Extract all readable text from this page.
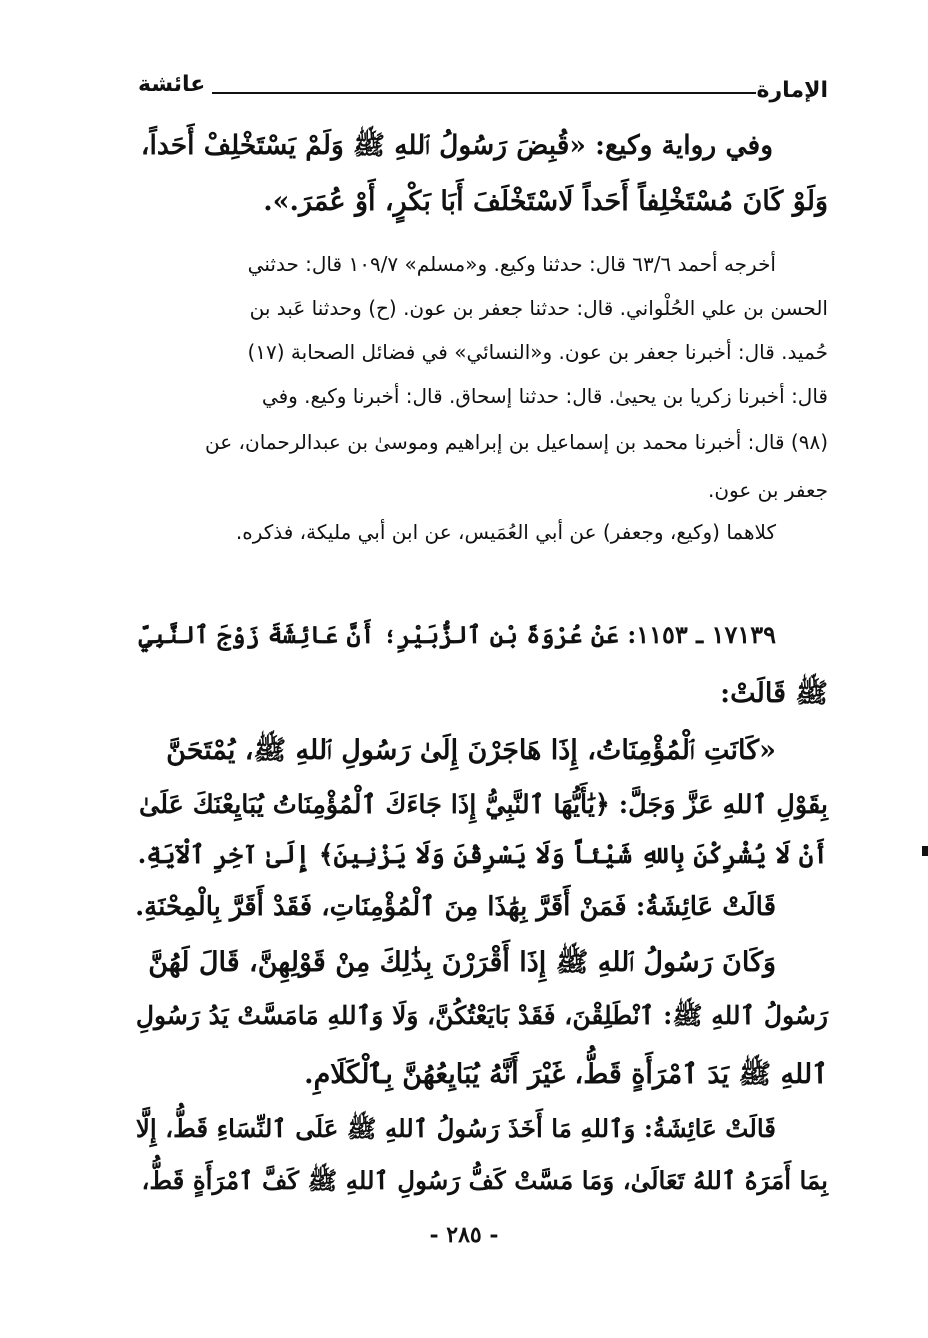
الإمارة
عائشة
وفي رواية وكيع: «قُبِضَ رَسُولُ ٱللهِ ﷺ وَلَمْ يَسْتَخْلِفْ أَحَداً،
وَلَوْ كَانَ مُسْتَخْلِفاً أَحَداً لَاسْتَخْلَفَ أَبَا بَكْرٍ، أَوْ عُمَرَ.».
أخرجه أحمد ٦٣/٦ قال: حدثنا وكيع. و«مسلم» ١٠٩/٧ قال: حدثني
الحسن بن علي الحُلْواني. قال: حدثنا جعفر بن عون. (ح) وحدثنا عَبد بن
حُميد. قال: أخبرنا جعفر بن عون. و«النسائي» في فضائل الصحابة (١٧)
قال: أخبرنا زكريا بن يحيىٰ. قال: حدثنا إسحاق. قال: أخبرنا وكيع. وفي
(٩٨) قال: أخبرنا محمد بن إسماعيل بن إبراهيم وموسىٰ بن عبدالرحمان، عن
جعفر بن عون.
كلاهما (وكيع، وجعفر) عن أبي العُمَيس، عن ابن أبي مليكة، فذكره.
١٧١٣٩ ـ ١١٥٣: عَنْ عُرْوَةَ بْنِ ٱلزُّبَيْرِ؛ أَنَّ عَائِشَةَ زَوْجَ ٱلنَّبِيِّ
ﷺ قَالَتْ:
«كَانَتِ ٱلْمُؤْمِنَاتُ، إِذَا هَاجَرْنَ إِلَىٰ رَسُولِ ٱللهِ ﷺ، يُمْتَحَنَّ
بِقَوْلِ ٱللهِ عَزَّ وَجَلَّ: ﴿يَٰأَيُّهَا ٱلنَّبِيُّ إِذَا جَاءَكَ ٱلْمُؤْمِنَاتُ يُبَايِعْنَكَ عَلَىٰ
أَنْ لَا يُشْرِكْنَ بِاللهِ شَيْئاً وَلَا يَسْرِقْنَ وَلَا يَزْنِينَ﴾ إِلَىٰ آخِرِ ٱلْآيَةِ.
قَالَتْ عَائِشَةُ: فَمَنْ أَقَرَّ بِهَٰذَا مِنَ ٱلْمُؤْمِنَاتِ، فَقَدْ أَقَرَّ بِالْمِحْنَةِ.
وَكَانَ رَسُولُ ٱللهِ ﷺ إِذَا أَقْرَرْنَ بِذَٰلِكَ مِنْ قَوْلِهِنَّ، قَالَ لَهُنَّ
رَسُولُ ٱللهِ ﷺ: ٱنْطَلِقْنَ، فَقَدْ بَايَعْتُكُنَّ، وَلَا وَٱللهِ مَامَسَّتْ يَدُ رَسُولِ
ٱللهِ ﷺ يَدَ ٱمْرَأَةٍ قَطُّ، غَيْرَ أَنَّهُ يُبَايِعُهُنَّ بِٱلْكَلَامِ.
قَالَتْ عَائِشَةُ: وَٱللهِ مَا أَخَذَ رَسُولُ ٱللهِ ﷺ عَلَى ٱلنِّسَاءِ قَطُّ، إِلَّا
بِمَا أَمَرَهُ ٱللهُ تَعَالَىٰ، وَمَا مَسَّتْ كَفُّ رَسُولِ ٱللهِ ﷺ كَفَّ ٱمْرَأَةٍ قَطُّ،
- ٢٨٥ -
